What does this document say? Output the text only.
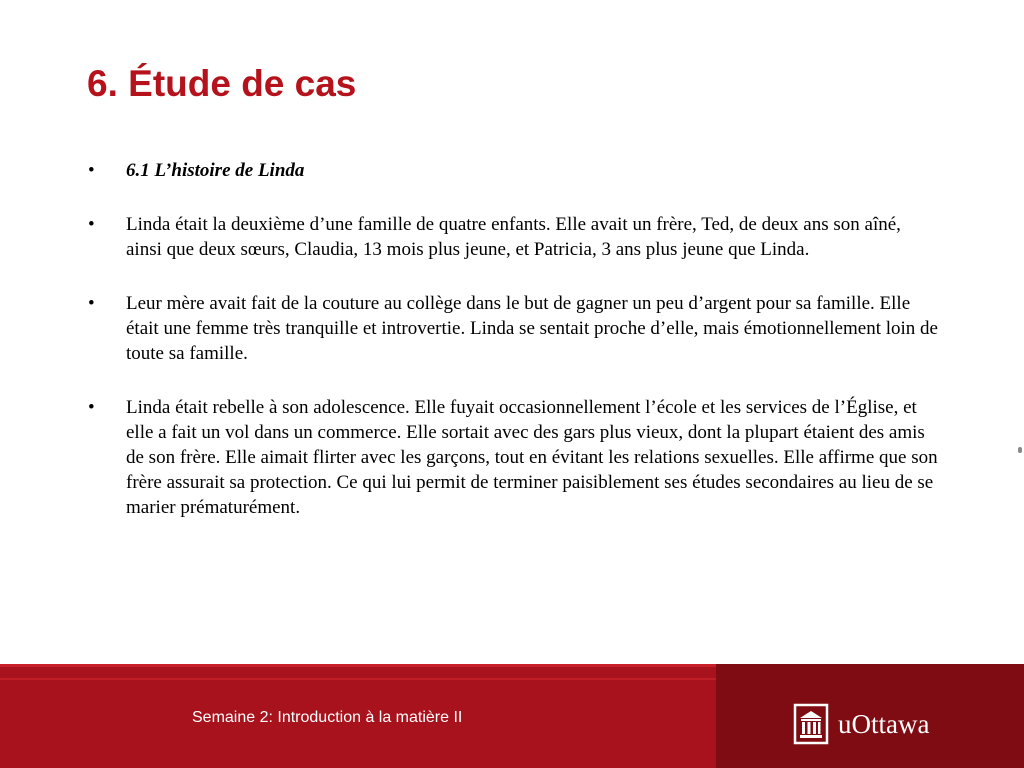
6. Étude de cas
• 6.1 L’histoire de Linda
• Linda était la deuxième d’une famille de quatre enfants. Elle avait un frère, Ted, de deux ans son aîné, ainsi que deux sœurs, Claudia, 13 mois plus jeune, et Patricia, 3 ans plus jeune que Linda.
• Leur mère avait fait de la couture au collège dans le but de gagner un peu d’argent pour sa famille. Elle était une femme très tranquille et introvertie. Linda se sentait proche d’elle, mais émotionnellement loin de toute sa famille.
• Linda était rebelle à son adolescence. Elle fuyait occasionnellement l’école et les services de l’Église, et elle a fait un vol dans un commerce. Elle sortait avec des gars plus vieux, dont la plupart étaient des amis de son frère. Elle aimait flirter avec les garçons, tout en évitant les relations sexuelles. Elle affirme que son frère assurait sa protection. Ce qui lui permit de terminer paisiblement ses études secondaires au lieu de se marier prématurément.
Semaine 2: Introduction à la matière II	uOttawa
